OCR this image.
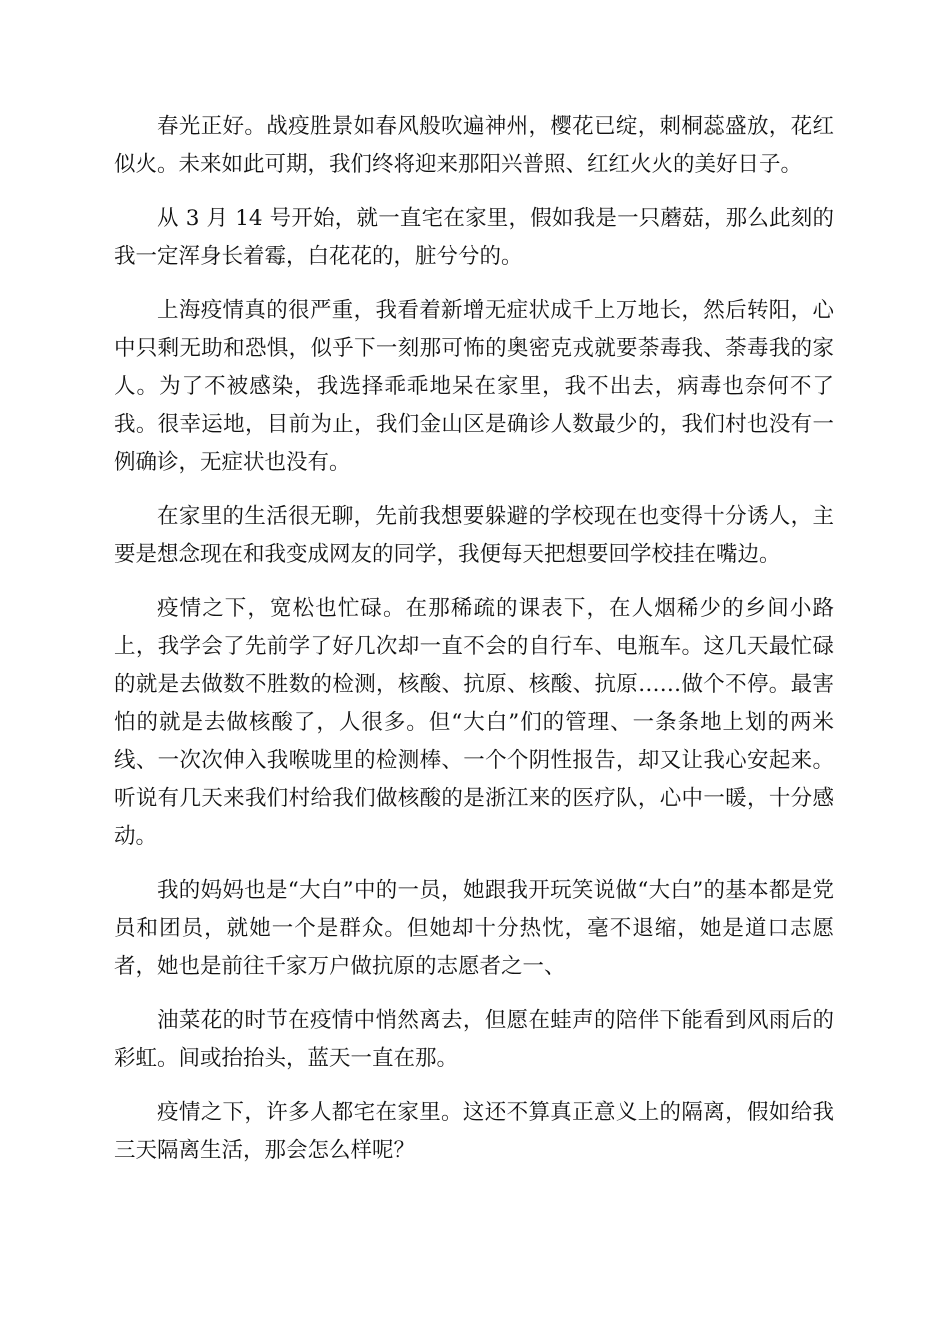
春光正好。战疫胜景如春风般吹遍神州，樱花已绽，刺桐蕊盛放，花红似火。未来如此可期，我们终将迎来那阳兴普照、红红火火的美好日子。

从 3 月 14 号开始，就一直宅在家里，假如我是一只蘑菇，那么此刻的我一定浑身长着霉，白花花的，脏兮兮的。

上海疫情真的很严重，我看着新增无症状成千上万地长，然后转阳，心中只剩无助和恐惧，似乎下一刻那可怖的奥密克戎就要荼毒我、荼毒我的家人。为了不被感染，我选择乖乖地呆在家里，我不出去，病毒也奈何不了我。很幸运地，目前为止，我们金山区是确诊人数最少的，我们村也没有一例确诊，无症状也没有。

在家里的生活很无聊，先前我想要躲避的学校现在也变得十分诱人，主要是想念现在和我变成网友的同学，我便每天把想要回学校挂在嘴边。

疫情之下，宽松也忙碌。在那稀疏的课表下，在人烟稀少的乡间小路上，我学会了先前学了好几次却一直不会的自行车、电瓶车。这几天最忙碌的就是去做数不胜数的检测，核酸、抗原、核酸、抗原……做个不停。最害怕的就是去做核酸了，人很多。但“大白”们的管理、一条条地上划的两米线、一次次伸入我喉咙里的检测棒、一个个阴性报告，却又让我心安起来。听说有几天来我们村给我们做核酸的是浙江来的医疗队，心中一暖，十分感动。

我的妈妈也是“大白”中的一员，她跟我开玩笑说做“大白”的基本都是党员和团员，就她一个是群众。但她却十分热忱，毫不退缩，她是道口志愿者，她也是前往千家万户做抗原的志愿者之一、

油菜花的时节在疫情中悄然离去，但愿在蛙声的陪伴下能看到风雨后的彩虹。间或抬抬头，蓝天一直在那。

疫情之下，许多人都宅在家里。这还不算真正意义上的隔离，假如给我三天隔离生活，那会怎么样呢？
